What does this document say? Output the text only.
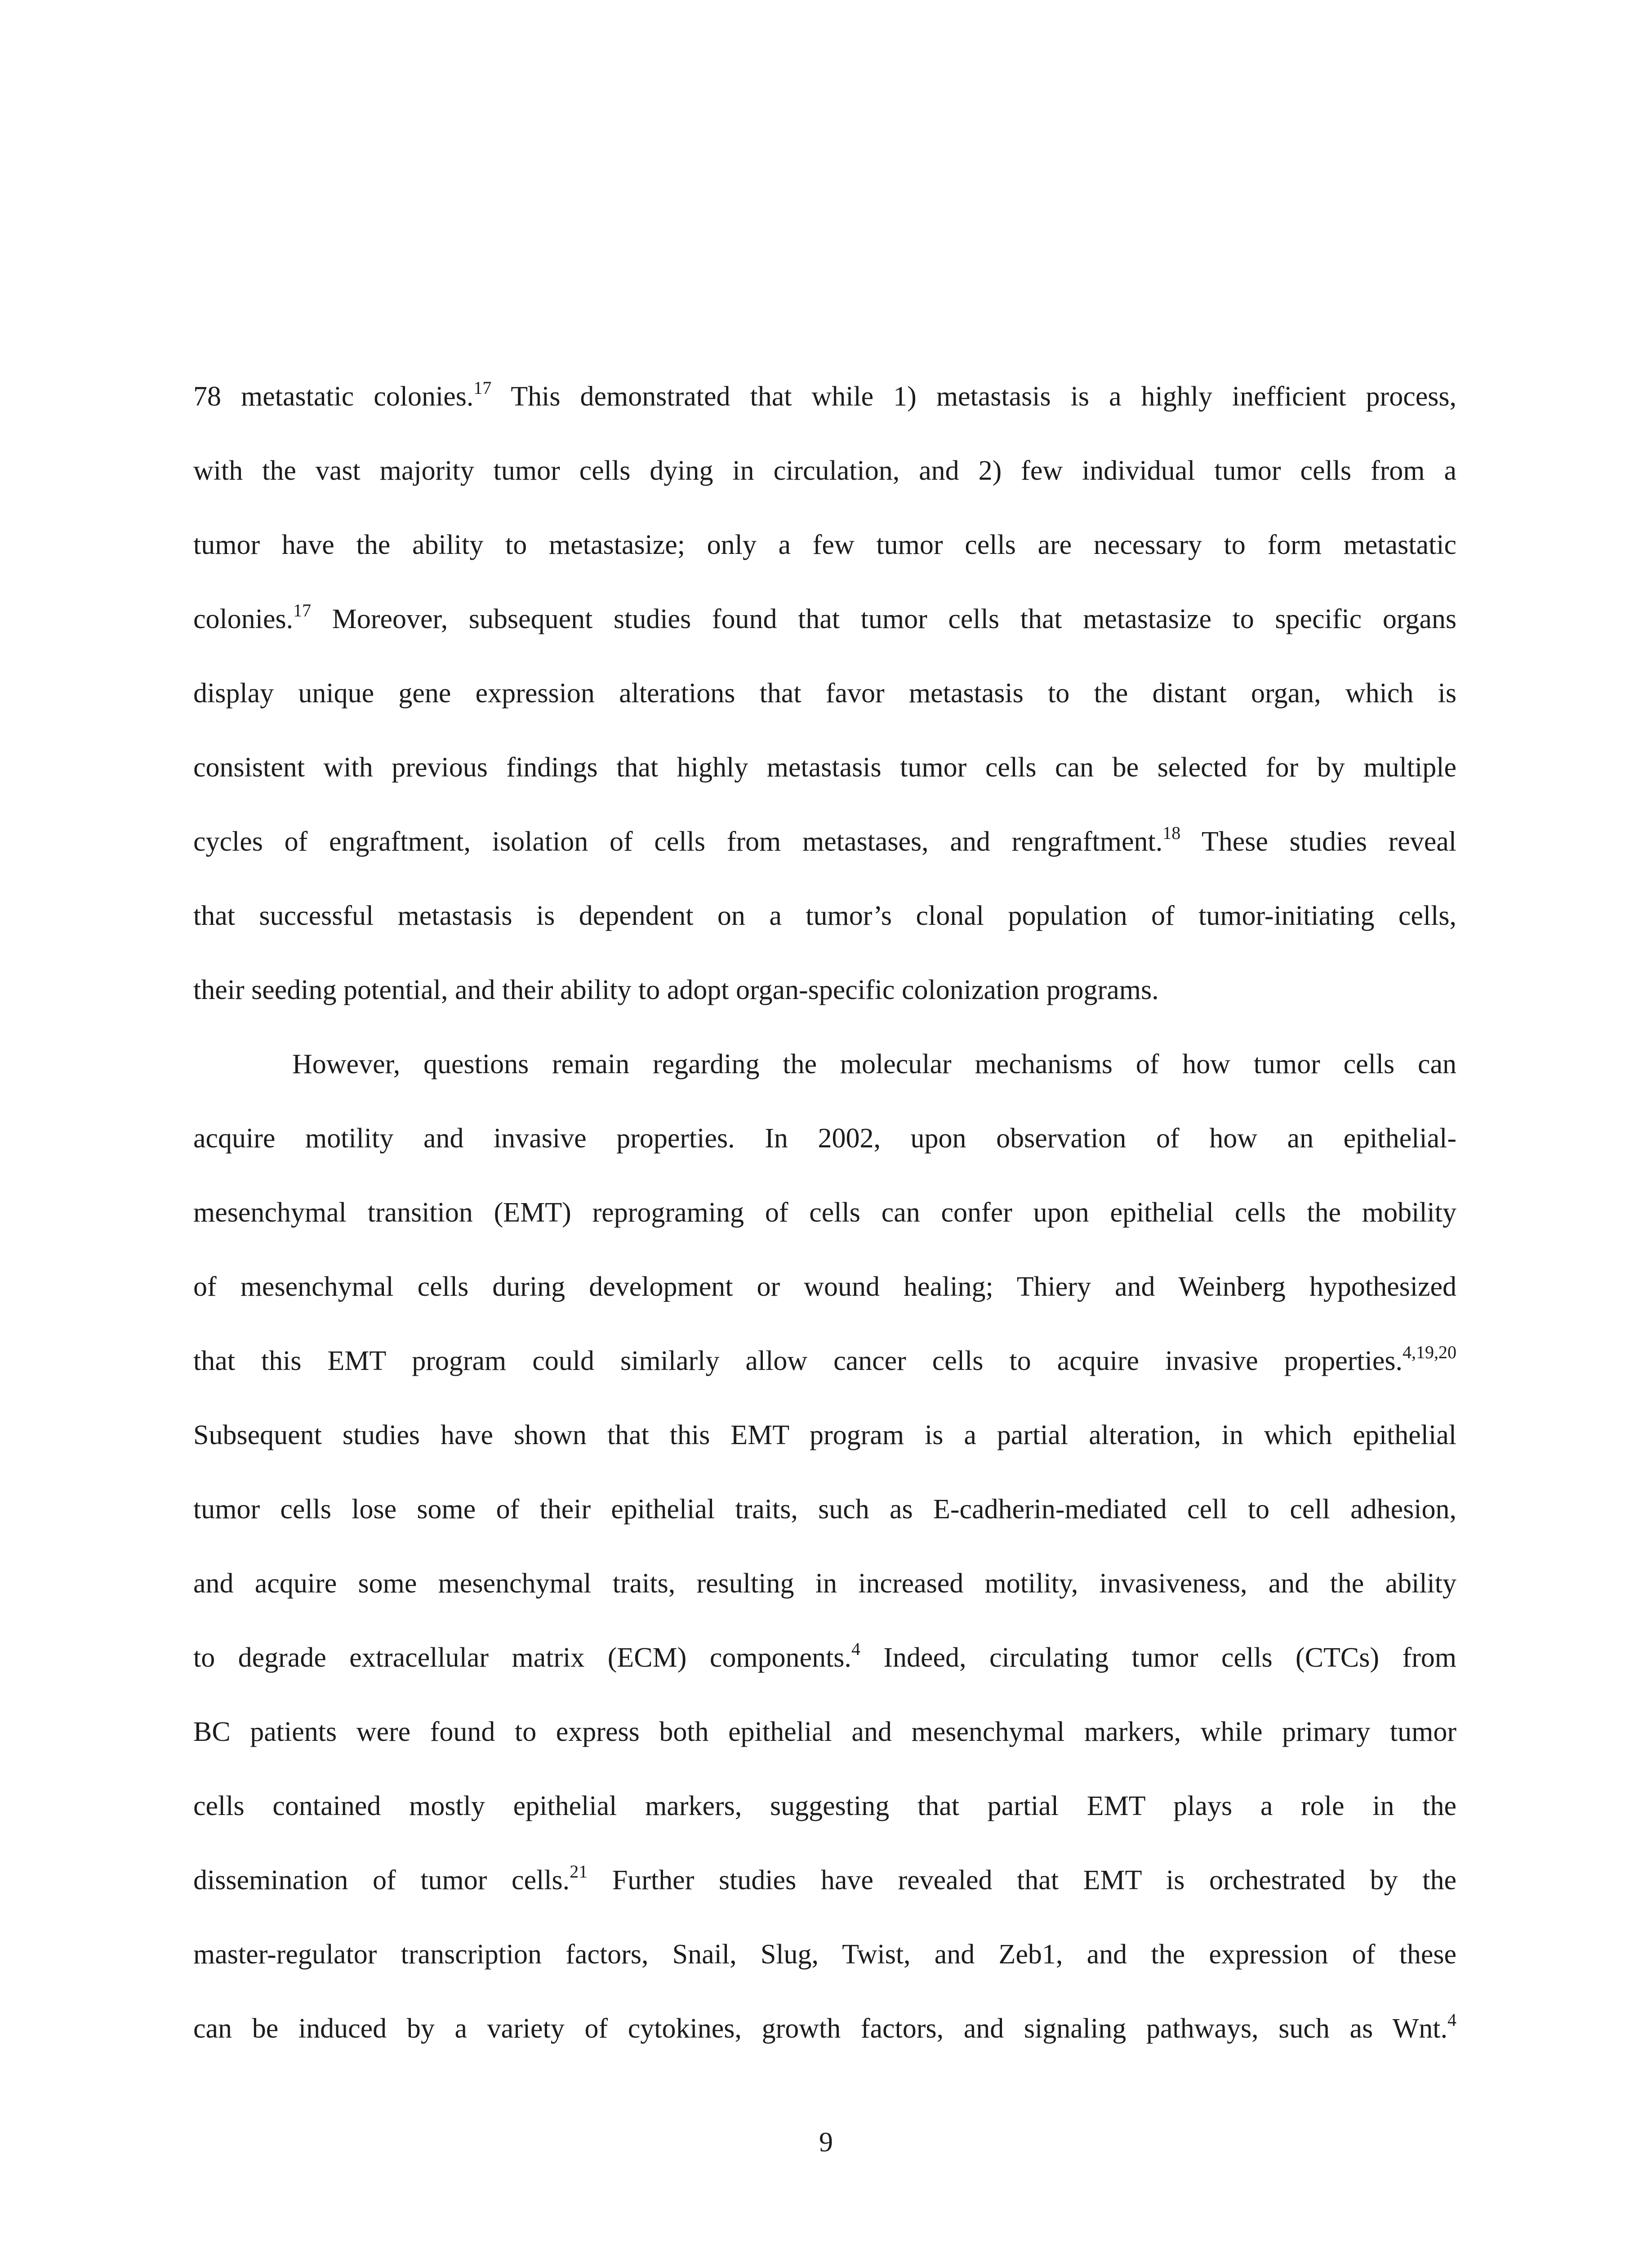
78 metastatic colonies.$^{17}$ This demonstrated that while 1) metastasis is a highly inefficient process,
with the vast majority tumor cells dying in circulation, and 2) few individual tumor cells from a
tumor have the ability to metastasize; only a few tumor cells are necessary to form metastatic
colonies.$^{17}$ Moreover, subsequent studies found that tumor cells that metastasize to specific organs
display unique gene expression alterations that favor metastasis to the distant organ, which is
consistent with previous findings that highly metastasis tumor cells can be selected for by multiple
cycles of engraftment, isolation of cells from metastases, and rengraftment.$^{18}$ These studies reveal
that successful metastasis is dependent on a tumor’s clonal population of tumor-initiating cells,
their seeding potential, and their ability to adopt organ-specific colonization programs.
However, questions remain regarding the molecular mechanisms of how tumor cells can
acquire motility and invasive properties. In 2002, upon observation of how an epithelial-
mesenchymal transition (EMT) reprograming of cells can confer upon epithelial cells the mobility
of mesenchymal cells during development or wound healing; Thiery and Weinberg hypothesized
that this EMT program could similarly allow cancer cells to acquire invasive properties.$^{4,19,20}$
Subsequent studies have shown that this EMT program is a partial alteration, in which epithelial
tumor cells lose some of their epithelial traits, such as E-cadherin-mediated cell to cell adhesion,
and acquire some mesenchymal traits, resulting in increased motility, invasiveness, and the ability
to degrade extracellular matrix (ECM) components.$^4$ Indeed, circulating tumor cells (CTCs) from
BC patients were found to express both epithelial and mesenchymal markers, while primary tumor
cells contained mostly epithelial markers, suggesting that partial EMT plays a role in the
dissemination of tumor cells.$^{21}$ Further studies have revealed that EMT is orchestrated by the
master-regulator transcription factors, Snail, Slug, Twist, and Zeb1, and the expression of these
can be induced by a variety of cytokines, growth factors, and signaling pathways, such as Wnt.$^4$
9
